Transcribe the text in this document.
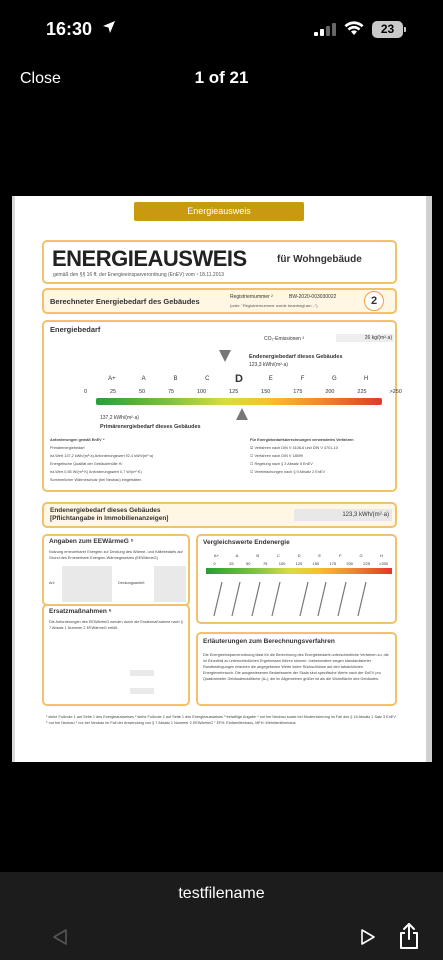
16:30	23
Close	1 of 21
Energieausweis
ENERGIEAUSWEIS	für Wohngebäude
gemäß den §§ 16 ff. der Energieeinsparverordnung (EnEV) vom ¹ 18.11.2013
Berechneter Energiebedarf des Gebäudes	Registriernummer ²	BW-2020-003030022
(oder: "Registriernummer wurde beantragt am...")	2
Energiebedarf
CO₂-Emissionen ³	26 kg/(m²·a)
Endenergiebedarf dieses Gebäudes
123,3 kWh/(m²·a)
A+	A	B	C	D	E	F	G	H
0	25	50	75	100	125	150	175	200	225	>250
137,2 kWh/(m²·a)
Primärenergiebedarf dieses Gebäudes
Anforderungen gemäß EnEV ⁴
Primärenergiebedarf
Ist-Wert 137,2 kWh/(m²·a) Anforderungswert 92,4 kWh/(m²·a)
Energetische Qualität der Gebäudehülle Hₜ'
Ist-Wert 0,55 W/(m²·K) Anforderungswert 0,7 W/(m²·K)
Sommerlicher Wärmeschutz (bei Neubau) eingehalten
Für Energiebedarfsberechnungen verwendetes Verfahren
☑ Verfahren nach DIN V 4108-6 und DIN V 4701-10
☐ Verfahren nach DIN V 18599
☐ Regelung nach § 3 Absatz 5 EnEV
☐ Vereinfachungen nach § 9 Absatz 2 EnEV
Endenergiebedarf dieses Gebäudes
[Pflichtangabe in Immobilienanzeigen]	123,3 kWh/(m²·a)
Angaben zum EEWärmeG ⁵
Nutzung erneuerbarer Energien zur Deckung des Wärme- und Kältebedarfs auf Grund des Erneuerbare-Energien-Wärmegesetzes (EEWärmeG)
Art:	Deckungsanteil:
Ersatzmaßnahmen ⁶
Die Anforderungen des EEWärmeG werden durch die Ersatzmaßnahme nach § 7 Absatz 1 Nummer 2 EEWärmeG erfüllt.
Vergleichswerte Endenergie
A+	A	B	C	D	E	F	G	H
0	25	50	75	100	125	150	175	200	225	>250
Erläuterungen zum Berechnungsverfahren
Die Energieeinsparverordnung lässt für die Berechnung des Energiebedarfs unterschiedliche Verfahren zu, die im Einzelfall zu unterschiedlichen Ergebnissen führen können. Insbesondere wegen standardisierter Randbedingungen erlauben die angegebenen Werte keine Rückschlüsse auf den tatsächlichen Energieverbrauch. Die ausgewiesenen Bedarfswerte der Skala sind spezifische Werte nach der EnEV pro Quadratmeter Gebäudenutzfläche (Aₙ), die im Allgemeinen größer ist als die Wohnfläche des Gebäudes.
¹ siehe Fußnote 1 auf Seite 1 des Energieausweises ² siehe Fußnote 2 auf Seite 1 des Energieausweises ³ freiwillige Angabe ⁴ nur bei Neubau sowie bei Modernisierung im Fall des § 16 Absatz 1 Satz 3 EnEV ⁵ nur bei Neubau ⁶ nur bei Neubau im Fall der Anwendung von § 7 Absatz 1 Nummer 2 EEWärmeG ⁷ EFH: Einfamilienhaus, MFH: Mehrfamilienhaus
testfilename
